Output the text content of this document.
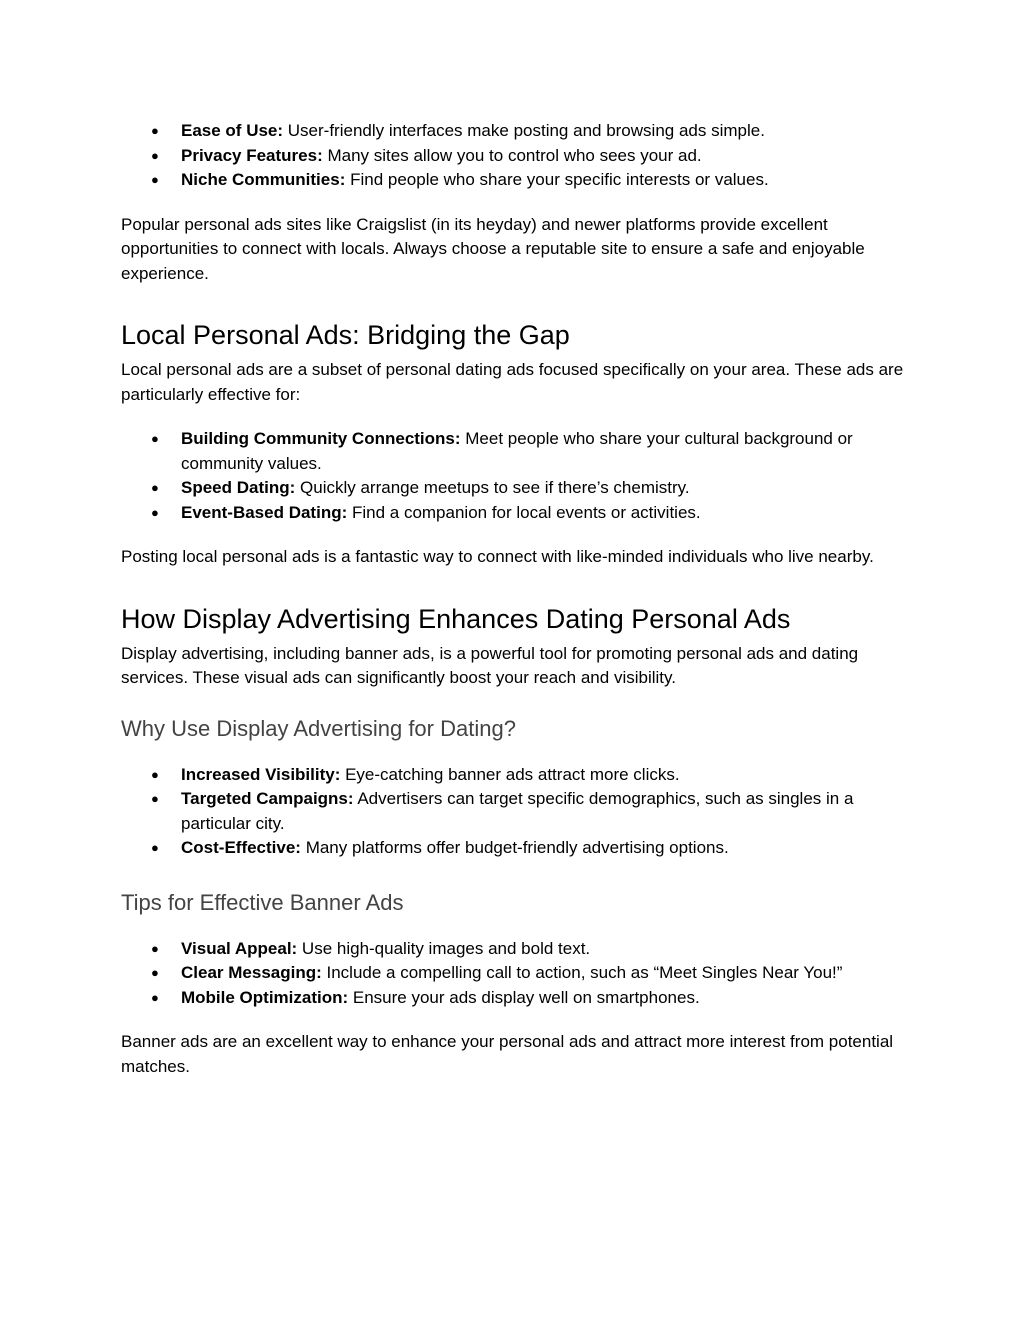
● Ease of Use: User-friendly interfaces make posting and browsing ads simple.
● Privacy Features: Many sites allow you to control who sees your ad.
● Niche Communities: Find people who share your specific interests or values.

Popular personal ads sites like Craigslist (in its heyday) and newer platforms provide excellent opportunities to connect with locals. Always choose a reputable site to ensure a safe and enjoyable experience.

Local Personal Ads: Bridging the Gap

Local personal ads are a subset of personal dating ads focused specifically on your area. These ads are particularly effective for:

● Building Community Connections: Meet people who share your cultural background or community values.
● Speed Dating: Quickly arrange meetups to see if there’s chemistry.
● Event-Based Dating: Find a companion for local events or activities.

Posting local personal ads is a fantastic way to connect with like-minded individuals who live nearby.

How Display Advertising Enhances Dating Personal Ads

Display advertising, including banner ads, is a powerful tool for promoting personal ads and dating services. These visual ads can significantly boost your reach and visibility.

Why Use Display Advertising for Dating?
● Increased Visibility: Eye-catching banner ads attract more clicks.
● Targeted Campaigns: Advertisers can target specific demographics, such as singles in a particular city.
● Cost-Effective: Many platforms offer budget-friendly advertising options.
Tips for Effective Banner Ads
● Visual Appeal: Use high-quality images and bold text.
● Clear Messaging: Include a compelling call to action, such as “Meet Singles Near You!”
● Mobile Optimization: Ensure your ads display well on smartphones.

Banner ads are an excellent way to enhance your personal ads and attract more interest from potential matches.
